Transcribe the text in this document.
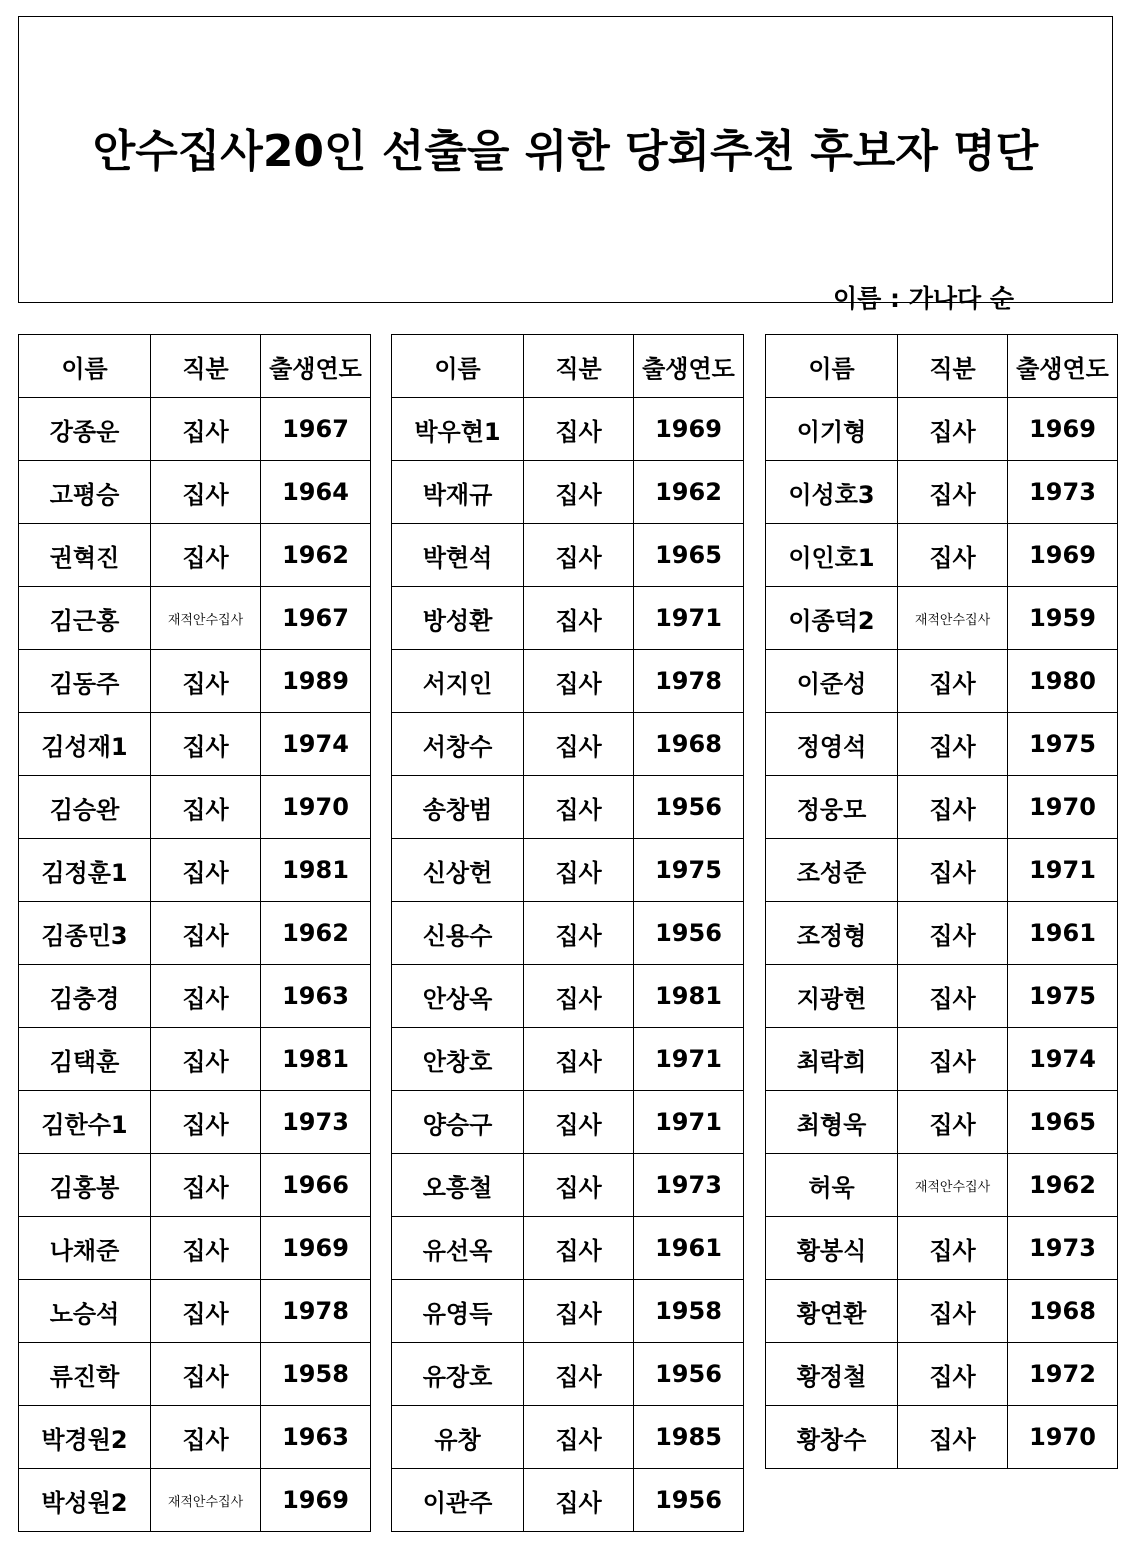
안수집사20인 선출을 위한 당회추천 후보자 명단
이름 : 가나다 순
이름	직분	출생연도
강종운	집사	1967
고평승	집사	1964
권혁진	집사	1962
김근홍	재적안수집사	1967
김동주	집사	1989
김성재1	집사	1974
김승완	집사	1970
김정훈1	집사	1981
김종민3	집사	1962
김충경	집사	1963
김택훈	집사	1981
김한수1	집사	1973
김홍봉	집사	1966
나채준	집사	1969
노승석	집사	1978
류진학	집사	1958
박경원2	집사	1963
박성원2	재적안수집사	1969
이름	직분	출생연도
박우현1	집사	1969
박재규	집사	1962
박현석	집사	1965
방성환	집사	1971
서지인	집사	1978
서창수	집사	1968
송창범	집사	1956
신상헌	집사	1975
신용수	집사	1956
안상옥	집사	1981
안창호	집사	1971
양승구	집사	1971
오흥철	집사	1973
유선옥	집사	1961
유영득	집사	1958
유장호	집사	1956
유창	집사	1985
이관주	집사	1956
이름	직분	출생연도
이기형	집사	1969
이성호3	집사	1973
이인호1	집사	1969
이종덕2	재적안수집사	1959
이준성	집사	1980
정영석	집사	1975
정웅모	집사	1970
조성준	집사	1971
조정형	집사	1961
지광현	집사	1975
최락희	집사	1974
최형욱	집사	1965
허욱	재적안수집사	1962
황봉식	집사	1973
황연환	집사	1968
황정철	집사	1972
황창수	집사	1970
